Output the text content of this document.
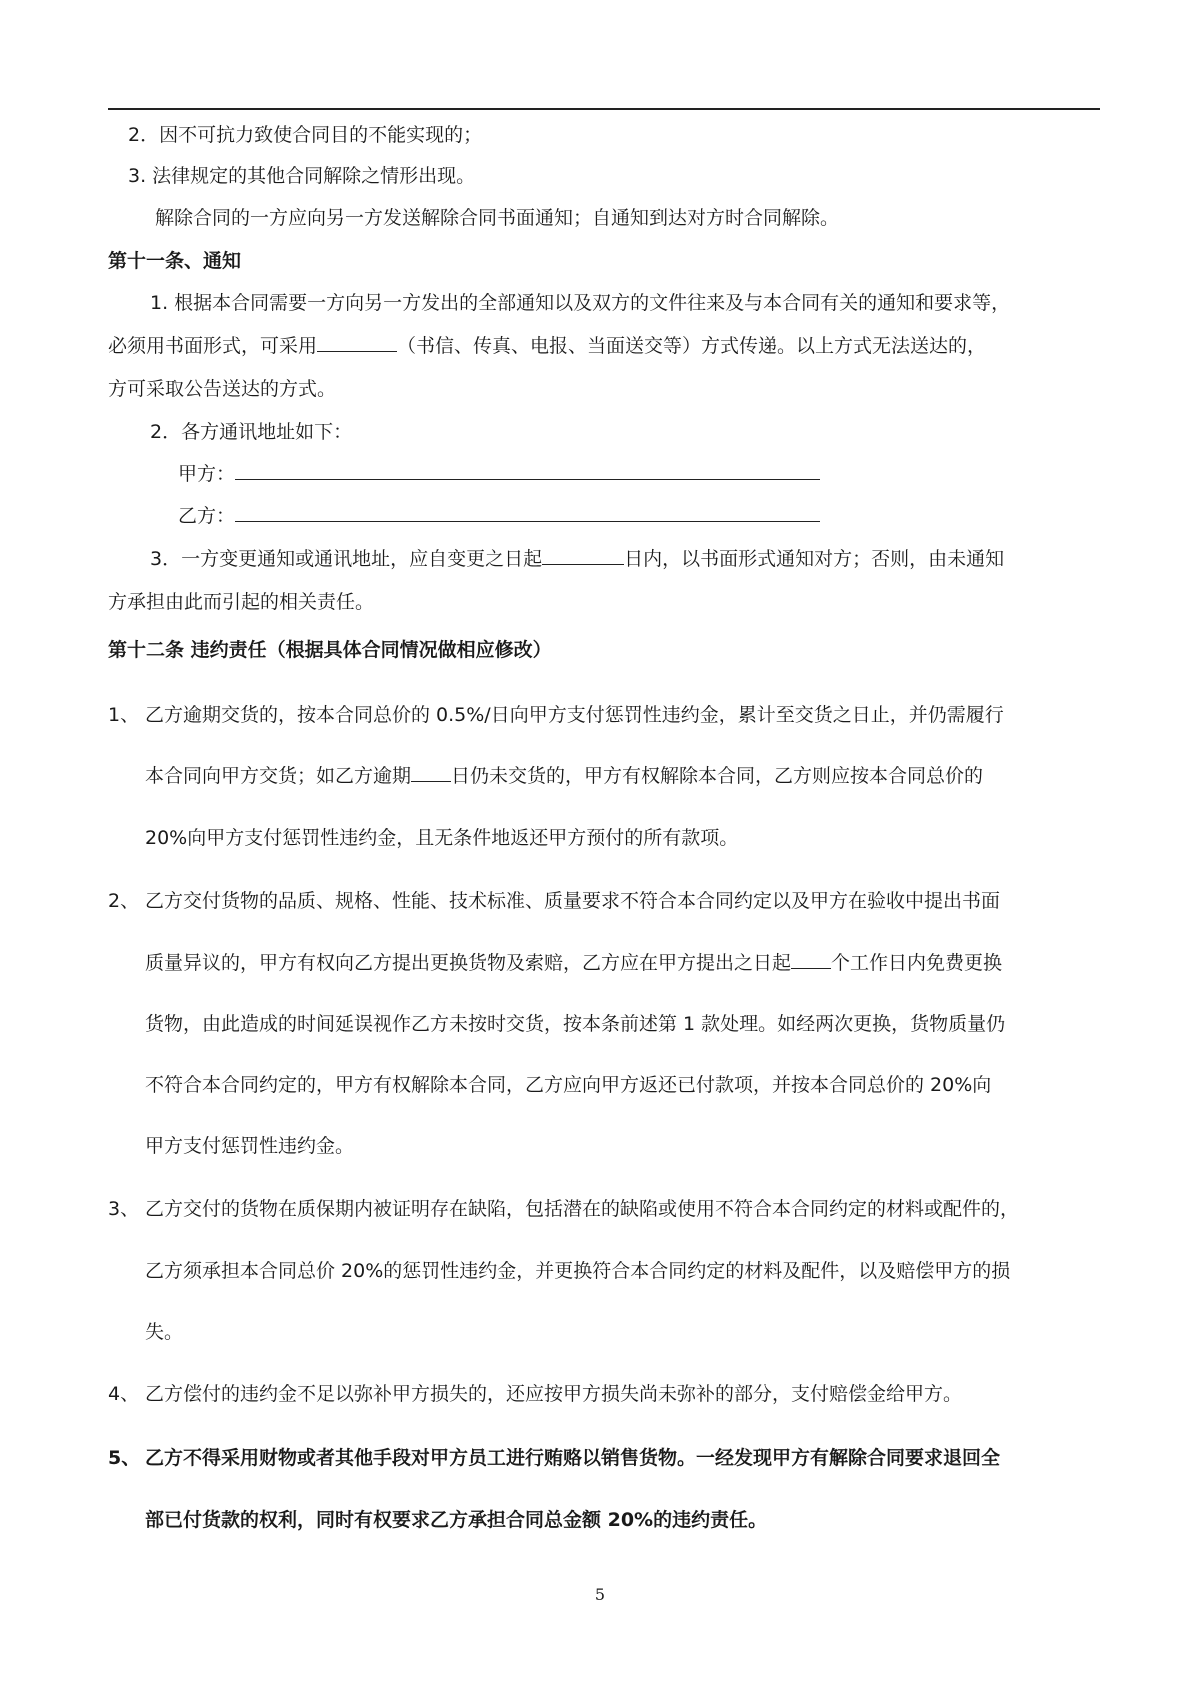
2．因不可抗力致使合同目的不能实现的；
3. 法律规定的其他合同解除之情形出现。
解除合同的一方应向另一方发送解除合同书面通知；自通知到达对方时合同解除。
第十一条、通知
1. 根据本合同需要一方向另一方发出的全部通知以及双方的文件往来及与本合同有关的通知和要求等，
必须用书面形式，可采用	（书信、传真、电报、当面送交等）方式传递。以上方式无法送达的，
方可采取公告送达的方式。
2．各方通讯地址如下：
甲方：
乙方：
3．一方变更通知或通讯地址，应自变更之日起	日内，以书面形式通知对方；否则，由未通知
方承担由此而引起的相关责任。
第十二条 违约责任（根据具体合同情况做相应修改）
1、 乙方逾期交货的，按本合同总价的 0.5%/日向甲方支付惩罚性违约金，累计至交货之日止，并仍需履行
本合同向甲方交货；如乙方逾期 日仍未交货的，甲方有权解除本合同，乙方则应按本合同总价的
20%向甲方支付惩罚性违约金，且无条件地返还甲方预付的所有款项。
2、 乙方交付货物的品质、规格、性能、技术标准、质量要求不符合本合同约定以及甲方在验收中提出书面
质量异议的，甲方有权向乙方提出更换货物及索赔，乙方应在甲方提出之日起 个工作日内免费更换
货物，由此造成的时间延误视作乙方未按时交货，按本条前述第 1 款处理。如经两次更换，货物质量仍
不符合本合同约定的，甲方有权解除本合同，乙方应向甲方返还已付款项，并按本合同总价的 20%向
甲方支付惩罚性违约金。
3、 乙方交付的货物在质保期内被证明存在缺陷，包括潜在的缺陷或使用不符合本合同约定的材料或配件的，
乙方须承担本合同总价 20%的惩罚性违约金，并更换符合本合同约定的材料及配件，以及赔偿甲方的损
失。
4、 乙方偿付的违约金不足以弥补甲方损失的，还应按甲方损失尚未弥补的部分，支付赔偿金给甲方。
5、 乙方不得采用财物或者其他手段对甲方员工进行贿赂以销售货物。一经发现甲方有解除合同要求退回全
部已付货款的权利，同时有权要求乙方承担合同总金额 20%的违约责任。
5
